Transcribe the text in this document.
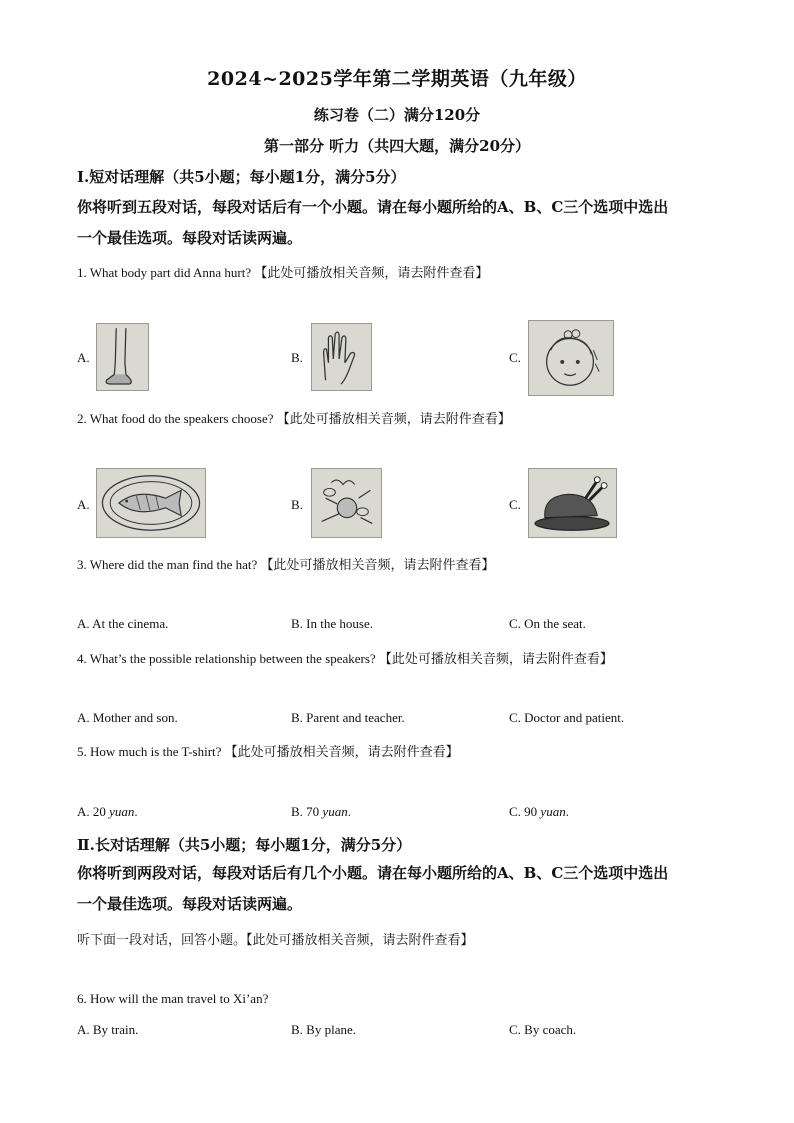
2024~2025学年第二学期英语（九年级）
练习卷（二）满分120分
第一部分 听力（共四大题，满分20分）
Ⅰ.短对话理解（共5小题；每小题1分，满分5分）
你将听到五段对话，每段对话后有一个小题。请在每小题所给的A、B、C三个选项中选出
一个最佳选项。每段对话读两遍。
1. What body part did Anna hurt? 【此处可播放相关音频，请去附件查看】
A.	B.	C.
2. What food do the speakers choose? 【此处可播放相关音频，请去附件查看】
A.	B.	C.
3. Where did the man find the hat? 【此处可播放相关音频，请去附件查看】
A. At the cinema.	B. In the house.	C. On the seat.
4. What’s the possible relationship between the speakers? 【此处可播放相关音频，请去附件查看】
A. Mother and son.	B. Parent and teacher.	C. Doctor and patient.
5. How much is the T-shirt? 【此处可播放相关音频，请去附件查看】
A. 20 yuan.	B. 70 yuan.	C. 90 yuan.
Ⅱ.长对话理解（共5小题；每小题1分，满分5分）
你将听到两段对话，每段对话后有几个小题。请在每小题所给的A、B、C三个选项中选出
一个最佳选项。每段对话读两遍。
听下面一段对话，回答小题。【此处可播放相关音频，请去附件查看】
6. How will the man travel to Xi’an?
A. By train.	B. By plane.	C. By coach.
